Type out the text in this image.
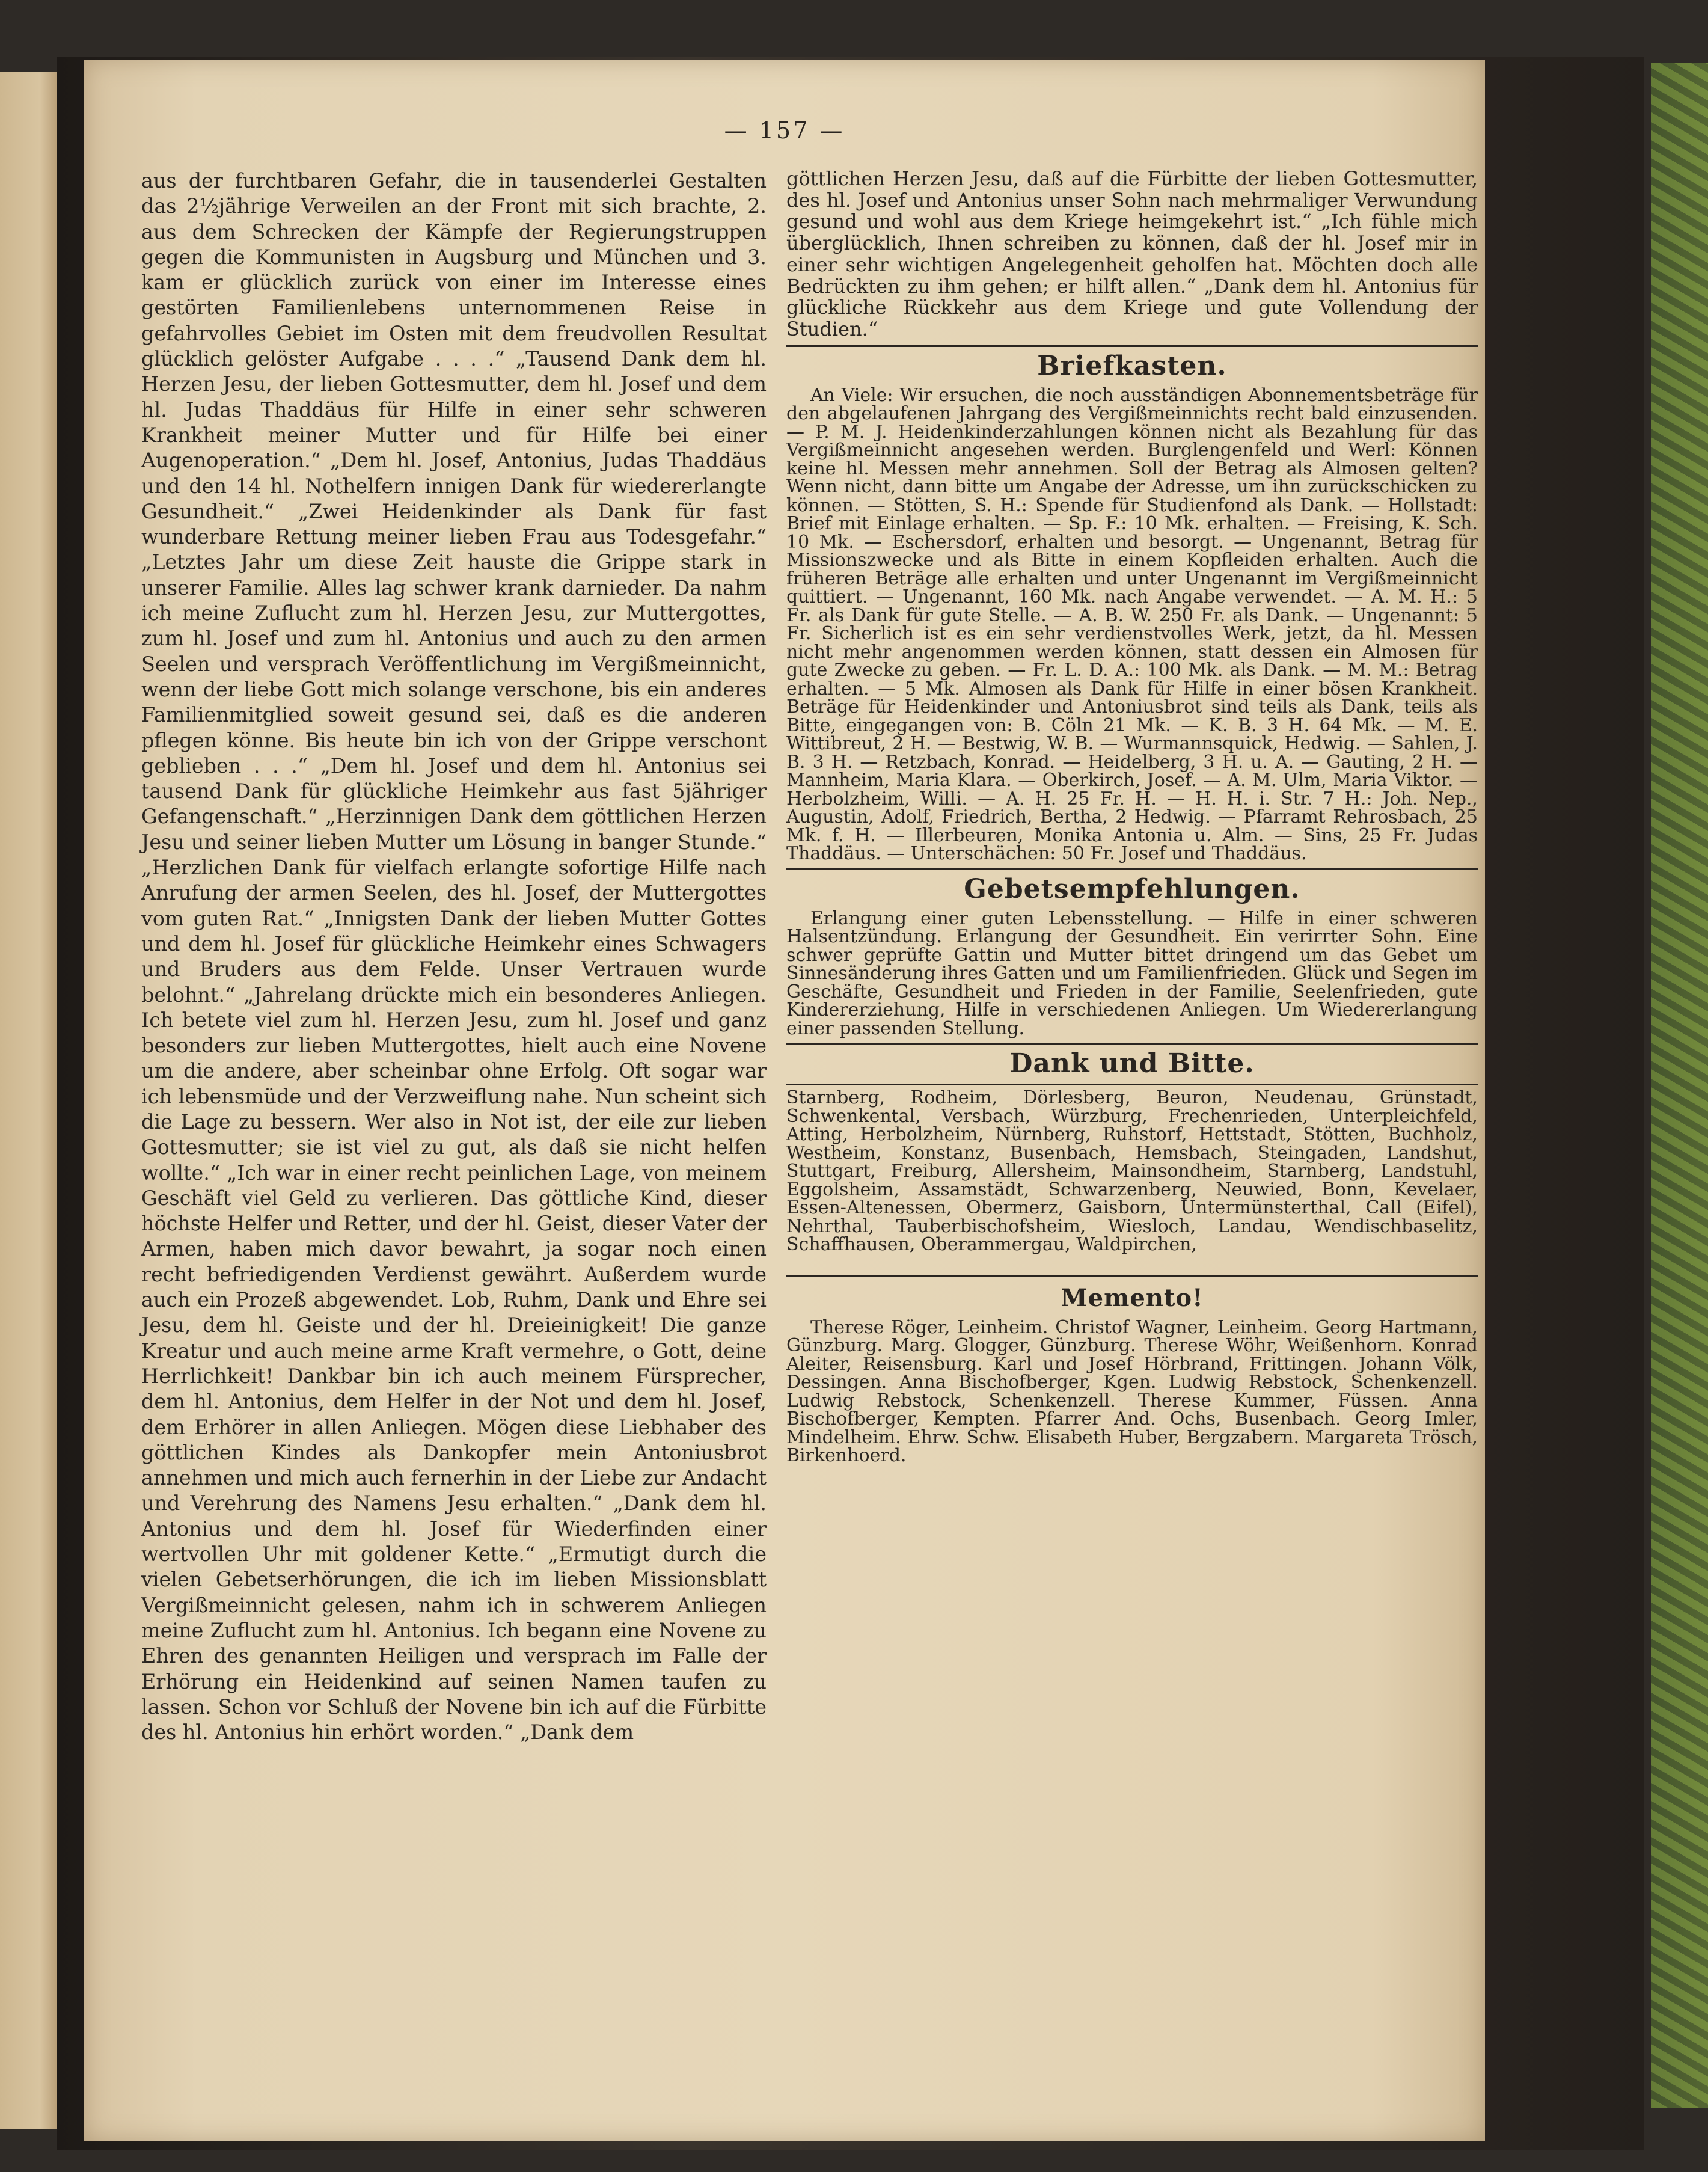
— 157 —

aus der furchtbaren Gefahr, die in tausenderlei Gestalten das 2½jährige Verweilen an der Front mit sich brachte, 2. aus dem Schrecken der Kämpfe der Regierungstruppen gegen die Kommunisten in Augsburg und München und 3. kam er glücklich zurück von einer im Interesse eines gestörten Familienlebens unternommenen Reise in gefahrvolles Gebiet im Osten mit dem freudvollen Resultat glücklich gelöster Aufgabe . . . .“ „Tausend Dank dem hl. Herzen Jesu, der lieben Gottesmutter, dem hl. Josef und dem hl. Judas Thaddäus für Hilfe in einer sehr schweren Krankheit meiner Mutter und für Hilfe bei einer Augenoperation.“ „Dem hl. Josef, Antonius, Judas Thaddäus und den 14 hl. Nothelfern innigen Dank für wiedererlangte Gesundheit.“ „Zwei Heidenkinder als Dank für fast wunderbare Rettung meiner lieben Frau aus Todesgefahr.“ „Letztes Jahr um diese Zeit hauste die Grippe stark in unserer Familie. Alles lag schwer krank darnieder. Da nahm ich meine Zuflucht zum hl. Herzen Jesu, zur Muttergottes, zum hl. Josef und zum hl. Antonius und auch zu den armen Seelen und versprach Veröffentlichung im Vergißmeinnicht, wenn der liebe Gott mich solange verschone, bis ein anderes Familienmitglied soweit gesund sei, daß es die anderen pflegen könne. Bis heute bin ich von der Grippe verschont geblieben . . .“ „Dem hl. Josef und dem hl. Antonius sei tausend Dank für glückliche Heimkehr aus fast 5jähriger Gefangenschaft.“ „Herzinnigen Dank dem göttlichen Herzen Jesu und seiner lieben Mutter um Lösung in banger Stunde.“ „Herzlichen Dank für vielfach erlangte sofortige Hilfe nach Anrufung der armen Seelen, des hl. Josef, der Muttergottes vom guten Rat.“ „Innigsten Dank der lieben Mutter Gottes und dem hl. Josef für glückliche Heimkehr eines Schwagers und Bruders aus dem Felde. Unser Vertrauen wurde belohnt.“ „Jahrelang drückte mich ein besonderes Anliegen. Ich betete viel zum hl. Herzen Jesu, zum hl. Josef und ganz besonders zur lieben Muttergottes, hielt auch eine Novene um die andere, aber scheinbar ohne Erfolg. Oft sogar war ich lebensmüde und der Verzweiflung nahe. Nun scheint sich die Lage zu bessern. Wer also in Not ist, der eile zur lieben Gottesmutter; sie ist viel zu gut, als daß sie nicht helfen wollte.“ „Ich war in einer recht peinlichen Lage, von meinem Geschäft viel Geld zu verlieren. Das göttliche Kind, dieser höchste Helfer und Retter, und der hl. Geist, dieser Vater der Armen, haben mich davor bewahrt, ja sogar noch einen recht befriedigenden Verdienst gewährt. Außerdem wurde auch ein Prozeß abgewendet. Lob, Ruhm, Dank und Ehre sei Jesu, dem hl. Geiste und der hl. Dreieinigkeit! Die ganze Kreatur und auch meine arme Kraft vermehre, o Gott, deine Herrlichkeit! Dankbar bin ich auch meinem Fürsprecher, dem hl. Antonius, dem Helfer in der Not und dem hl. Josef, dem Erhörer in allen Anliegen. Mögen diese Liebhaber des göttlichen Kindes als Dankopfer mein Antoniusbrot annehmen und mich auch fernerhin in der Liebe zur Andacht und Verehrung des Namens Jesu erhalten.“ „Dank dem hl. Antonius und dem hl. Josef für Wiederfinden einer wertvollen Uhr mit goldener Kette.“ „Ermutigt durch die vielen Gebetserhörungen, die ich im lieben Missionsblatt Vergißmeinnicht gelesen, nahm ich in schwerem Anliegen meine Zuflucht zum hl. Antonius. Ich begann eine Novene zu Ehren des genannten Heiligen und versprach im Falle der Erhörung ein Heidenkind auf seinen Namen taufen zu lassen. Schon vor Schluß der Novene bin ich auf die Fürbitte des hl. Antonius hin erhört worden.“ „Dank dem

göttlichen Herzen Jesu, daß auf die Fürbitte der lieben Gottesmutter, des hl. Josef und Antonius unser Sohn nach mehrmaliger Verwundung gesund und wohl aus dem Kriege heimgekehrt ist.“ „Ich fühle mich überglücklich, Ihnen schreiben zu können, daß der hl. Josef mir in einer sehr wichtigen Angelegenheit geholfen hat. Möchten doch alle Bedrückten zu ihm gehen; er hilft allen.“ „Dank dem hl. Antonius für glückliche Rückkehr aus dem Kriege und gute Vollendung der Studien.“

Briefkasten.

An Viele: Wir ersuchen, die noch ausständigen Abonnementsbeträge für den abgelaufenen Jahrgang des Vergißmeinnichts recht bald einzusenden. — P. M. J. Heidenkinderzahlungen können nicht als Bezahlung für das Vergißmeinnicht angesehen werden. Burglengenfeld und Werl: Können keine hl. Messen mehr annehmen. Soll der Betrag als Almosen gelten? Wenn nicht, dann bitte um Angabe der Adresse, um ihn zurückschicken zu können. — Stötten, S. H.: Spende für Studienfond als Dank. — Hollstadt: Brief mit Einlage erhalten. — Sp. F.: 10 Mk. erhalten. — Freising, K. Sch. 10 Mk. — Eschersdorf, erhalten und besorgt. — Ungenannt, Betrag für Missionszwecke und als Bitte in einem Kopfleiden erhalten. Auch die früheren Beträge alle erhalten und unter Ungenannt im Vergißmeinnicht quittiert. — Ungenannt, 160 Mk. nach Angabe verwendet. — A. M. H.: 5 Fr. als Dank für gute Stelle. — A. B. W. 250 Fr. als Dank. — Ungenannt: 5 Fr. Sicherlich ist es ein sehr verdienstvolles Werk, jetzt, da hl. Messen nicht mehr angenommen werden können, statt dessen ein Almosen für gute Zwecke zu geben. — Fr. L. D. A.: 100 Mk. als Dank. — M. M.: Betrag erhalten. — 5 Mk. Almosen als Dank für Hilfe in einer bösen Krankheit. Beträge für Heidenkinder und Antoniusbrot sind teils als Dank, teils als Bitte, eingegangen von: B. Cöln 21 Mk. — K. B. 3 H. 64 Mk. — M. E. Wittibreut, 2 H. — Bestwig, W. B. — Wurmannsquick, Hedwig. — Sahlen, J. B. 3 H. — Retzbach, Konrad. — Heidelberg, 3 H. u. A. — Gauting, 2 H. — Mannheim, Maria Klara. — Oberkirch, Josef. — A. M. Ulm, Maria Viktor. — Herbolzheim, Willi. — A. H. 25 Fr. H. — H. H. i. Str. 7 H.: Joh. Nep., Augustin, Adolf, Friedrich, Bertha, 2 Hedwig. — Pfarramt Rehrosbach, 25 Mk. f. H. — Illerbeuren, Monika Antonia u. Alm. — Sins, 25 Fr. Judas Thaddäus. — Unterschächen: 50 Fr. Josef und Thaddäus.

Gebetsempfehlungen.

Erlangung einer guten Lebensstellung. — Hilfe in einer schweren Halsentzündung. Erlangung der Gesundheit. Ein verirrter Sohn. Eine schwer geprüfte Gattin und Mutter bittet dringend um das Gebet um Sinnesänderung ihres Gatten und um Familienfrieden. Glück und Segen im Geschäfte, Gesundheit und Frieden in der Familie, Seelenfrieden, gute Kindererziehung, Hilfe in verschiedenen Anliegen. Um Wiedererlangung einer passenden Stellung.

Dank und Bitte.

Starnberg, Rodheim, Dörlesberg, Beuron, Neudenau, Grünstadt, Schwenkental, Versbach, Würzburg, Frechenrieden, Unterpleichfeld, Atting, Herbolzheim, Nürnberg, Ruhstorf, Hettstadt, Stötten, Buchholz, Westheim, Konstanz, Busenbach, Hemsbach, Steingaden, Landshut, Stuttgart, Freiburg, Allersheim, Mainsondheim, Starnberg, Landstuhl, Eggolsheim, Assamstädt, Schwarzenberg, Neuwied, Bonn, Kevelaer, Essen-Altenessen, Obermerz, Gaisborn, Untermünsterthal, Call (Eifel), Nehrthal, Tauberbischofsheim, Wiesloch, Landau, Wendischbaselitz, Schaffhausen, Oberammergau, Waldpirchen,

Memento!

Therese Röger, Leinheim. Christof Wagner, Leinheim. Georg Hartmann, Günzburg. Marg. Glogger, Günzburg. Therese Wöhr, Weißenhorn. Konrad Aleiter, Reisensburg. Karl und Josef Hörbrand, Frittingen. Johann Völk, Dessingen. Anna Bischofberger, Kgen. Ludwig Rebstock, Schenkenzell. Ludwig Rebstock, Schenkenzell. Therese Kummer, Füssen. Anna Bischofberger, Kempten. Pfarrer And. Ochs, Busenbach. Georg Imler, Mindelheim. Ehrw. Schw. Elisabeth Huber, Bergzabern. Margareta Trösch, Birkenhoerd.
